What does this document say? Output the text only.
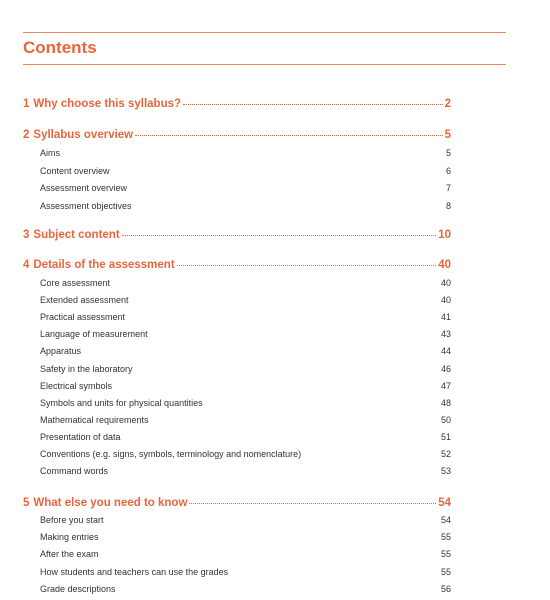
Contents
1 Why choose this syllabus?	2
2 Syllabus overview	5
Aims	5
Content overview	6
Assessment overview	7
Assessment objectives	8
3 Subject content	10
4 Details of the assessment	40
Core assessment	40
Extended assessment	40
Practical assessment	41
Language of measurement	43
Apparatus	44
Safety in the laboratory	46
Electrical symbols	47
Symbols and units for physical quantities	48
Mathematical requirements	50
Presentation of data	51
Conventions (e.g. signs, symbols, terminology and nomenclature)	52
Command words	53
5 What else you need to know	54
Before you start	54
Making entries	55
After the exam	55
How students and teachers can use the grades	55
Grade descriptions	56
